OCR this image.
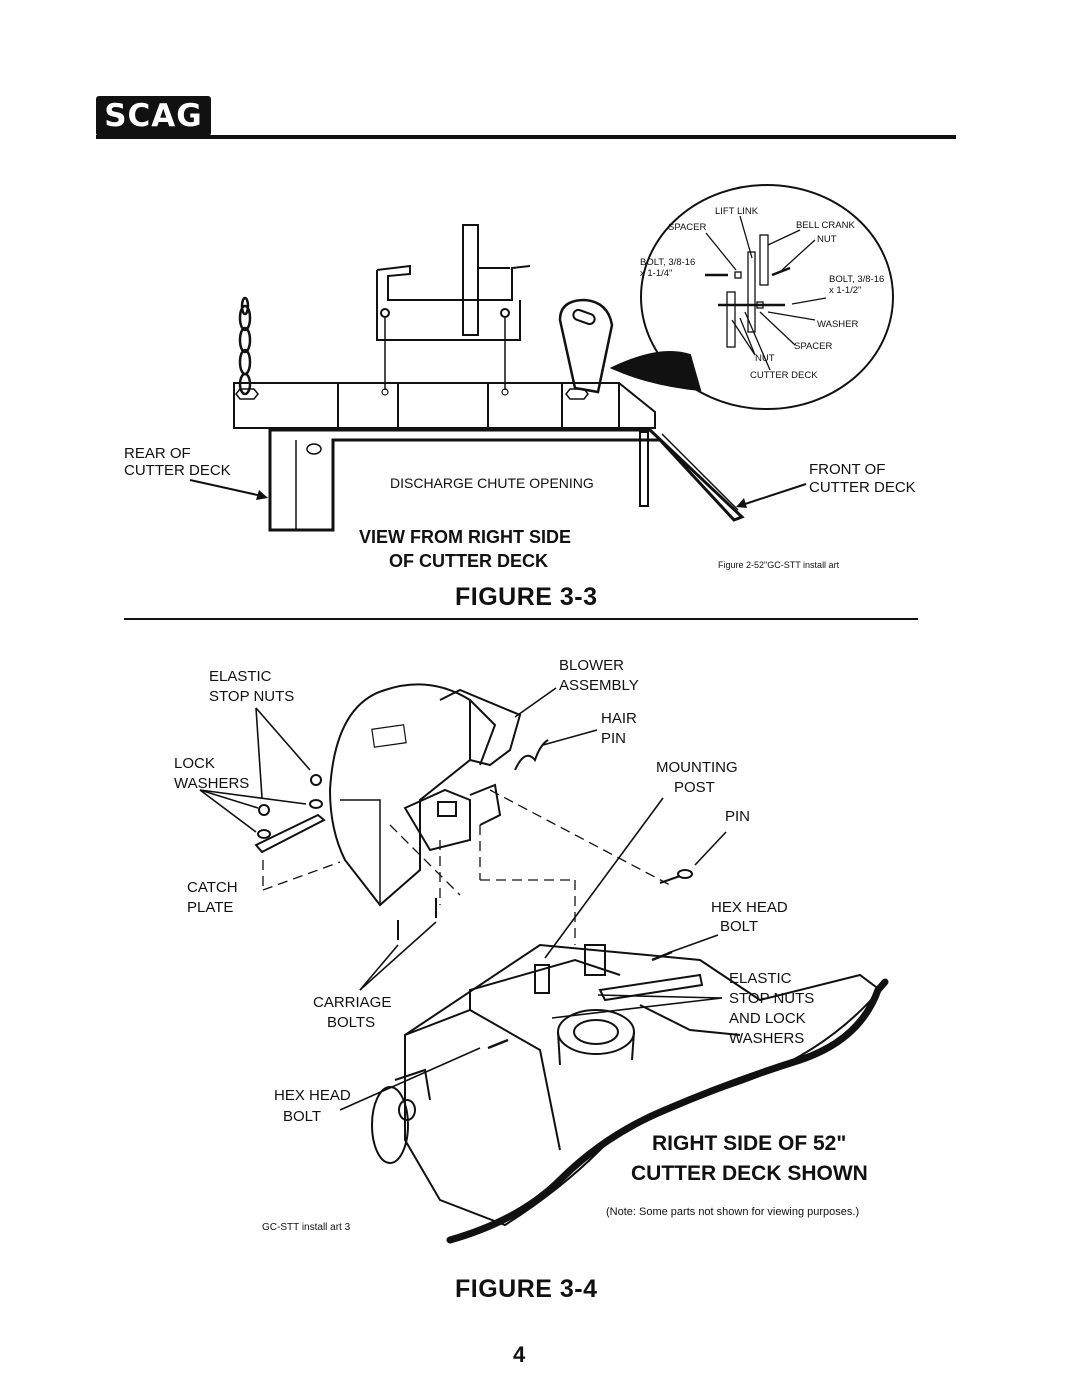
SCAG
REAR OF
CUTTER DECK
DISCHARGE CHUTE OPENING
FRONT OF
CUTTER DECK
LIFT LINK
SPACER	BELL CRANK
NUT
BOLT, 3/8-16
x 1-1/4"
BOLT, 3/8-16
x 1-1/2"
WASHER
SPACER
NUT
CUTTER DECK
VIEW FROM RIGHT SIDE
OF CUTTER DECK	Figure 2-52"GC-STT install art
FIGURE 3-3
ELASTIC
STOP NUTS
BLOWER
ASSEMBLY
HAIR
PIN
LOCK
WASHERS
MOUNTING
POST
PIN
CATCH
PLATE	HEX HEAD
BOLT
ELASTIC
STOP NUTS
AND LOCK
WASHERS
CARRIAGE
BOLTS
HEX HEAD
BOLT
RIGHT SIDE OF 52"
CUTTER DECK SHOWN
(Note: Some parts not shown for viewing purposes.)
GC-STT install art 3
FIGURE 3-4
4
